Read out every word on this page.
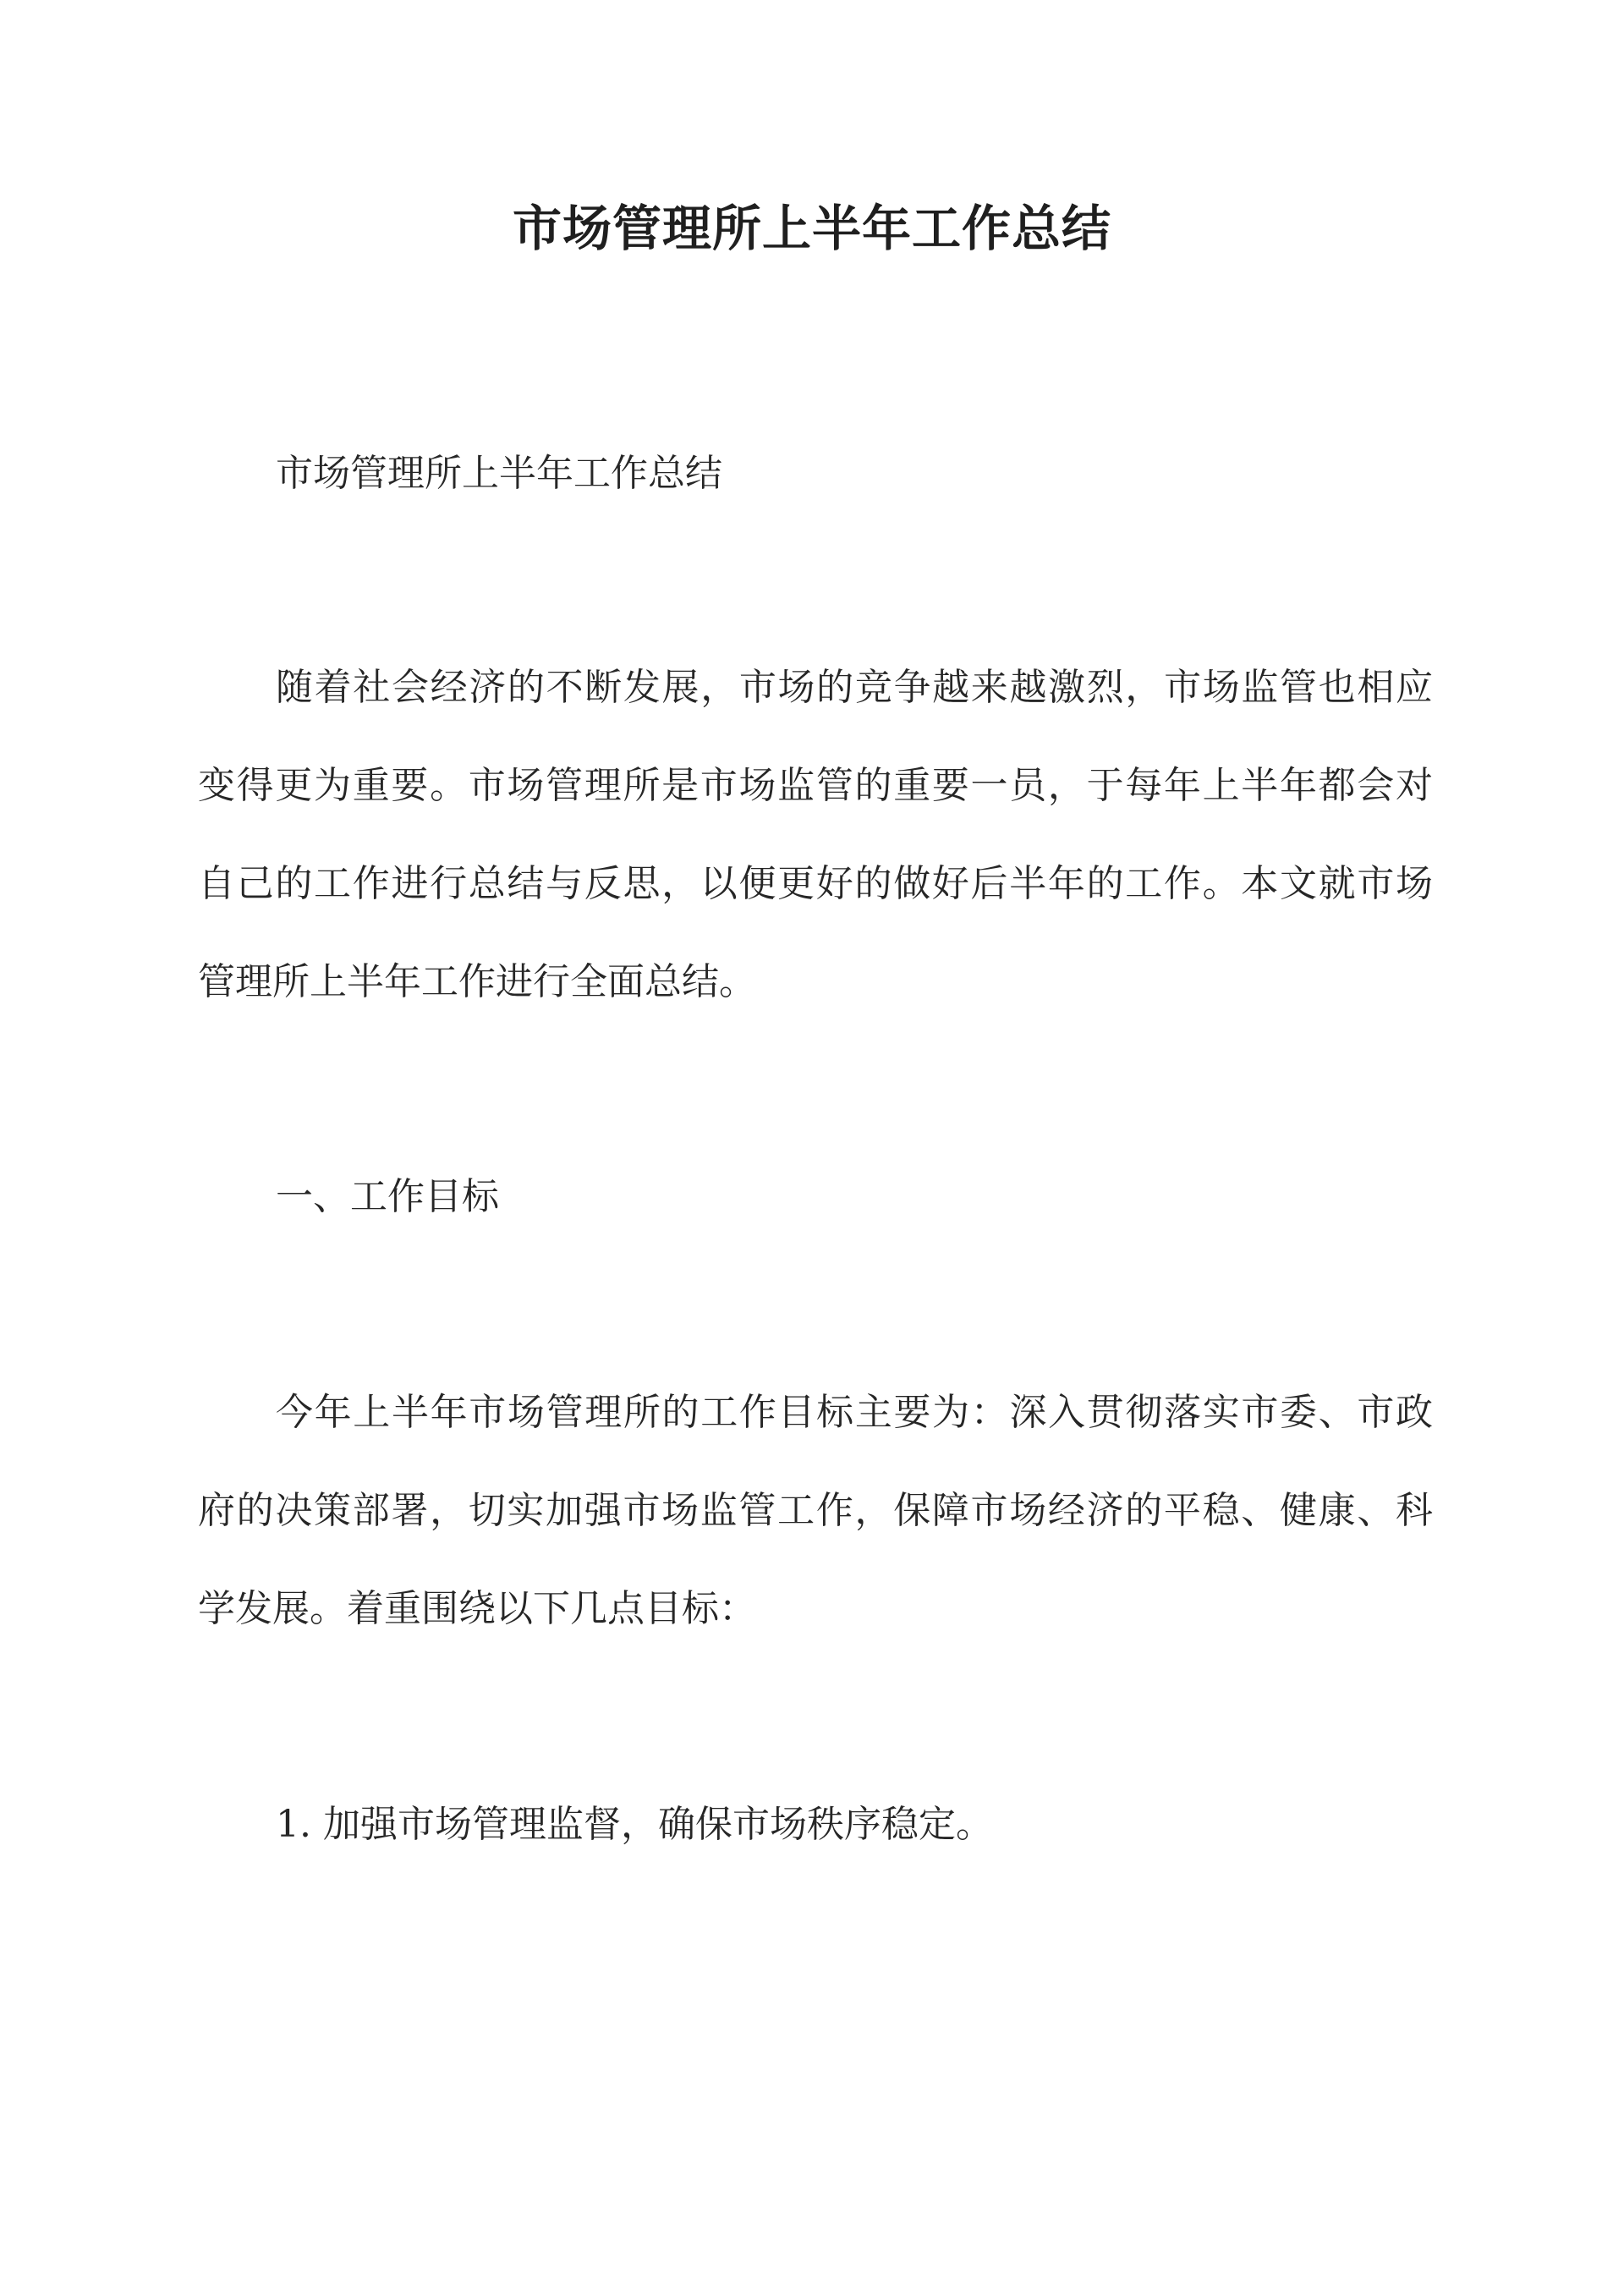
市场管理所上半年工作总结
市场管理所上半年工作总结
随着社会经济的不断发展，市场的竞争越来越激烈，市场监管也相应
变得更为重要。市场管理所是市场监管的重要一员，于每年上半年都会对
自己的工作进行总结与反思，以便更好的做好后半年的工作。本文就市场
管理所上半年工作进行全面总结。
一、工作目标
今年上半年市场管理所的工作目标主要为：深入贯彻落实市委、市政
府的决策部署，切实加强市场监管工作，保障市场经济的平稳、健康、科
学发展。着重围绕以下几点目标：
1. 加强市场管理监督，确保市场秩序稳定。
